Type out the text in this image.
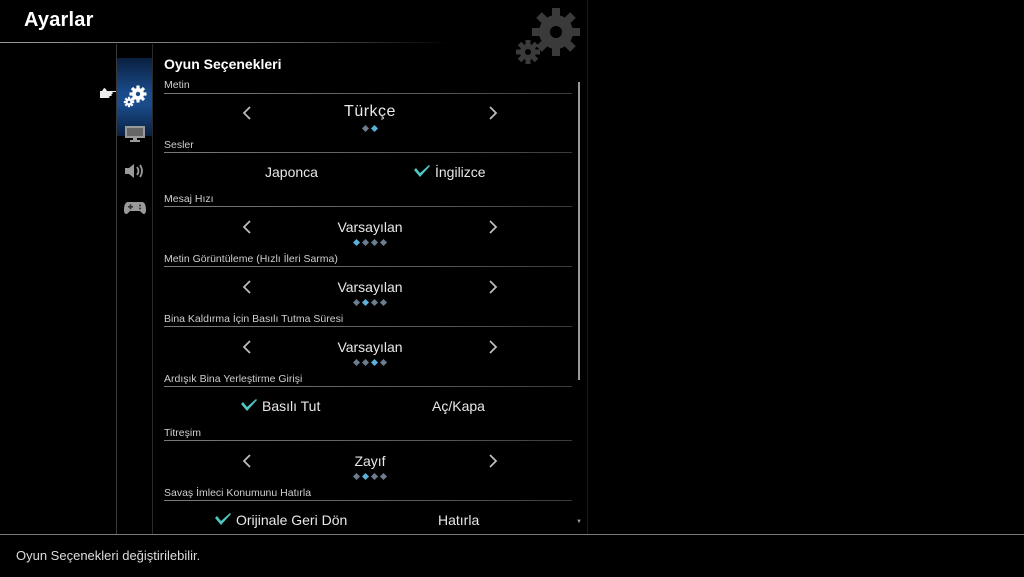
Ayarlar
Oyun Seçenekleri
Metin
Türkçe
Sesler
Japonca	İngilizce
Mesaj Hızı
Varsayılan
Metin Görüntüleme (Hızlı İleri Sarma)
Varsayılan
Bina Kaldırma İçin Basılı Tutma Süresi
Varsayılan
Ardışık Bina Yerleştirme Girişi
Basılı Tut	Aç/Kapa
Titreşim
Zayıf
Savaş İmleci Konumunu Hatırla
Orijinale Geri Dön	Hatırla	▼
Oyun Seçenekleri değiştirilebilir.
